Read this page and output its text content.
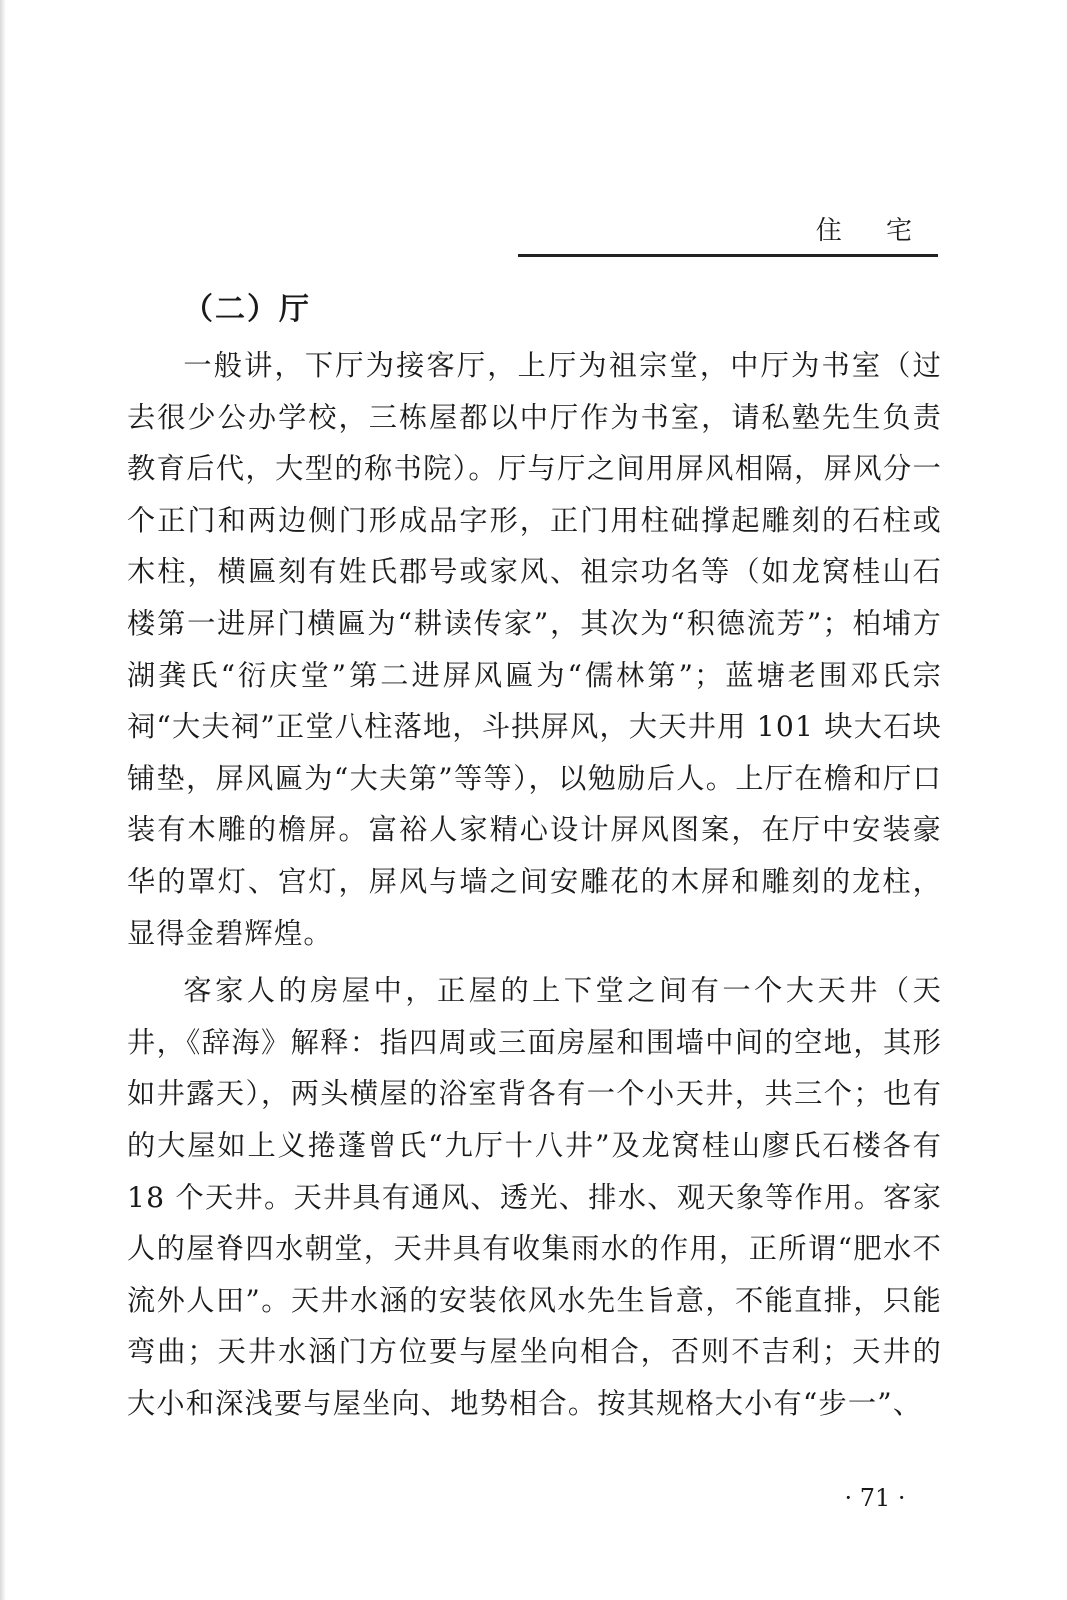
住 宅
（二）厅

一般讲，下厅为接客厅，上厅为祖宗堂，中厅为书室（过去很少公办学校，三栋屋都以中厅作为书室，请私塾先生负责教育后代，大型的称书院）。厅与厅之间用屏风相隔，屏风分一个正门和两边侧门形成品字形，正门用柱础撑起雕刻的石柱或木柱，横匾刻有姓氏郡号或家风、祖宗功名等（如龙窝桂山石楼第一进屏门横匾为“耕读传家”，其次为“积德流芳”；柏埔方湖龚氏“衍庆堂”第二进屏风匾为“儒林第”；蓝塘老围邓氏宗祠“大夫祠”正堂八柱落地，斗拱屏风，大天井用 101 块大石块铺垫，屏风匾为“大夫第”等等），以勉励后人。上厅在檐和厅口装有木雕的檐屏。富裕人家精心设计屏风图案，在厅中安装豪华的罩灯、宫灯，屏风与墙之间安雕花的木屏和雕刻的龙柱，显得金碧辉煌。

客家人的房屋中，正屋的上下堂之间有一个大天井（天井，《辞海》解释：指四周或三面房屋和围墙中间的空地，其形如井露天），两头横屋的浴室背各有一个小天井，共三个；也有的大屋如上义捲蓬曾氏“九厅十八井”及龙窝桂山廖氏石楼各有 18 个天井。天井具有通风、透光、排水、观天象等作用。客家人的屋脊四水朝堂，天井具有收集雨水的作用，正所谓“肥水不流外人田”。天井水涵的安装依风水先生旨意，不能直排，只能弯曲；天井水涵门方位要与屋坐向相合，否则不吉利；天井的大小和深浅要与屋坐向、地势相合。按其规格大小有“步一”、

· 71 ·
